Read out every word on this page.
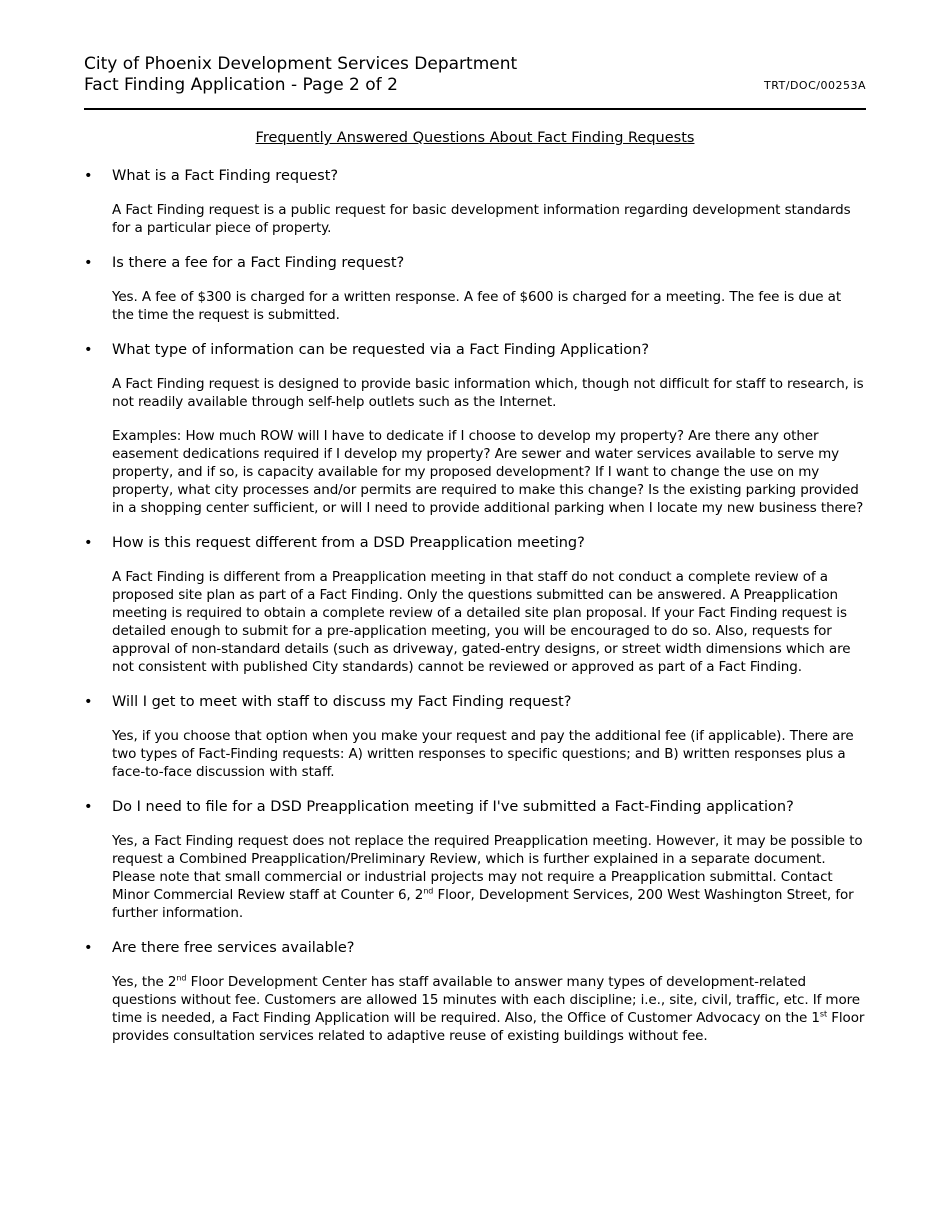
City of Phoenix Development Services Department
Fact Finding Application - Page 2 of 2	TRT/DOC/00253A
Frequently Answered Questions About Fact Finding Requests
• What is a Fact Finding request?

A Fact Finding request is a public request for basic development information regarding development standards for a particular piece of property.

• Is there a fee for a Fact Finding request?

Yes. A fee of $300 is charged for a written response. A fee of $600 is charged for a meeting. The fee is due at the time the request is submitted.

• What type of information can be requested via a Fact Finding Application?

A Fact Finding request is designed to provide basic information which, though not difficult for staff to research, is not readily available through self-help outlets such as the Internet.

Examples: How much ROW will I have to dedicate if I choose to develop my property? Are there any other easement dedications required if I develop my property? Are sewer and water services available to serve my property, and if so, is capacity available for my proposed development? If I want to change the use on my property, what city processes and/or permits are required to make this change? Is the existing parking provided in a shopping center sufficient, or will I need to provide additional parking when I locate my new business there?

• How is this request different from a DSD Preapplication meeting?

A Fact Finding is different from a Preapplication meeting in that staff do not conduct a complete review of a proposed site plan as part of a Fact Finding. Only the questions submitted can be answered. A Preapplication meeting is required to obtain a complete review of a detailed site plan proposal. If your Fact Finding request is detailed enough to submit for a pre-application meeting, you will be encouraged to do so. Also, requests for approval of non-standard details (such as driveway, gated-entry designs, or street width dimensions which are not consistent with published City standards) cannot be reviewed or approved as part of a Fact Finding.

• Will I get to meet with staff to discuss my Fact Finding request?

Yes, if you choose that option when you make your request and pay the additional fee (if applicable). There are two types of Fact-Finding requests: A) written responses to specific questions; and B) written responses plus a face-to-face discussion with staff.

• Do I need to file for a DSD Preapplication meeting if I've submitted a Fact-Finding application?

Yes, a Fact Finding request does not replace the required Preapplication meeting. However, it may be possible to request a Combined Preapplication/Preliminary Review, which is further explained in a separate document. Please note that small commercial or industrial projects may not require a Preapplication submittal. Contact Minor Commercial Review staff at Counter 6, 2nd Floor, Development Services, 200 West Washington Street, for further information.

• Are there free services available?

Yes, the 2nd Floor Development Center has staff available to answer many types of development-related questions without fee. Customers are allowed 15 minutes with each discipline; i.e., site, civil, traffic, etc. If more time is needed, a Fact Finding Application will be required. Also, the Office of Customer Advocacy on the 1st Floor provides consultation services related to adaptive reuse of existing buildings without fee.
